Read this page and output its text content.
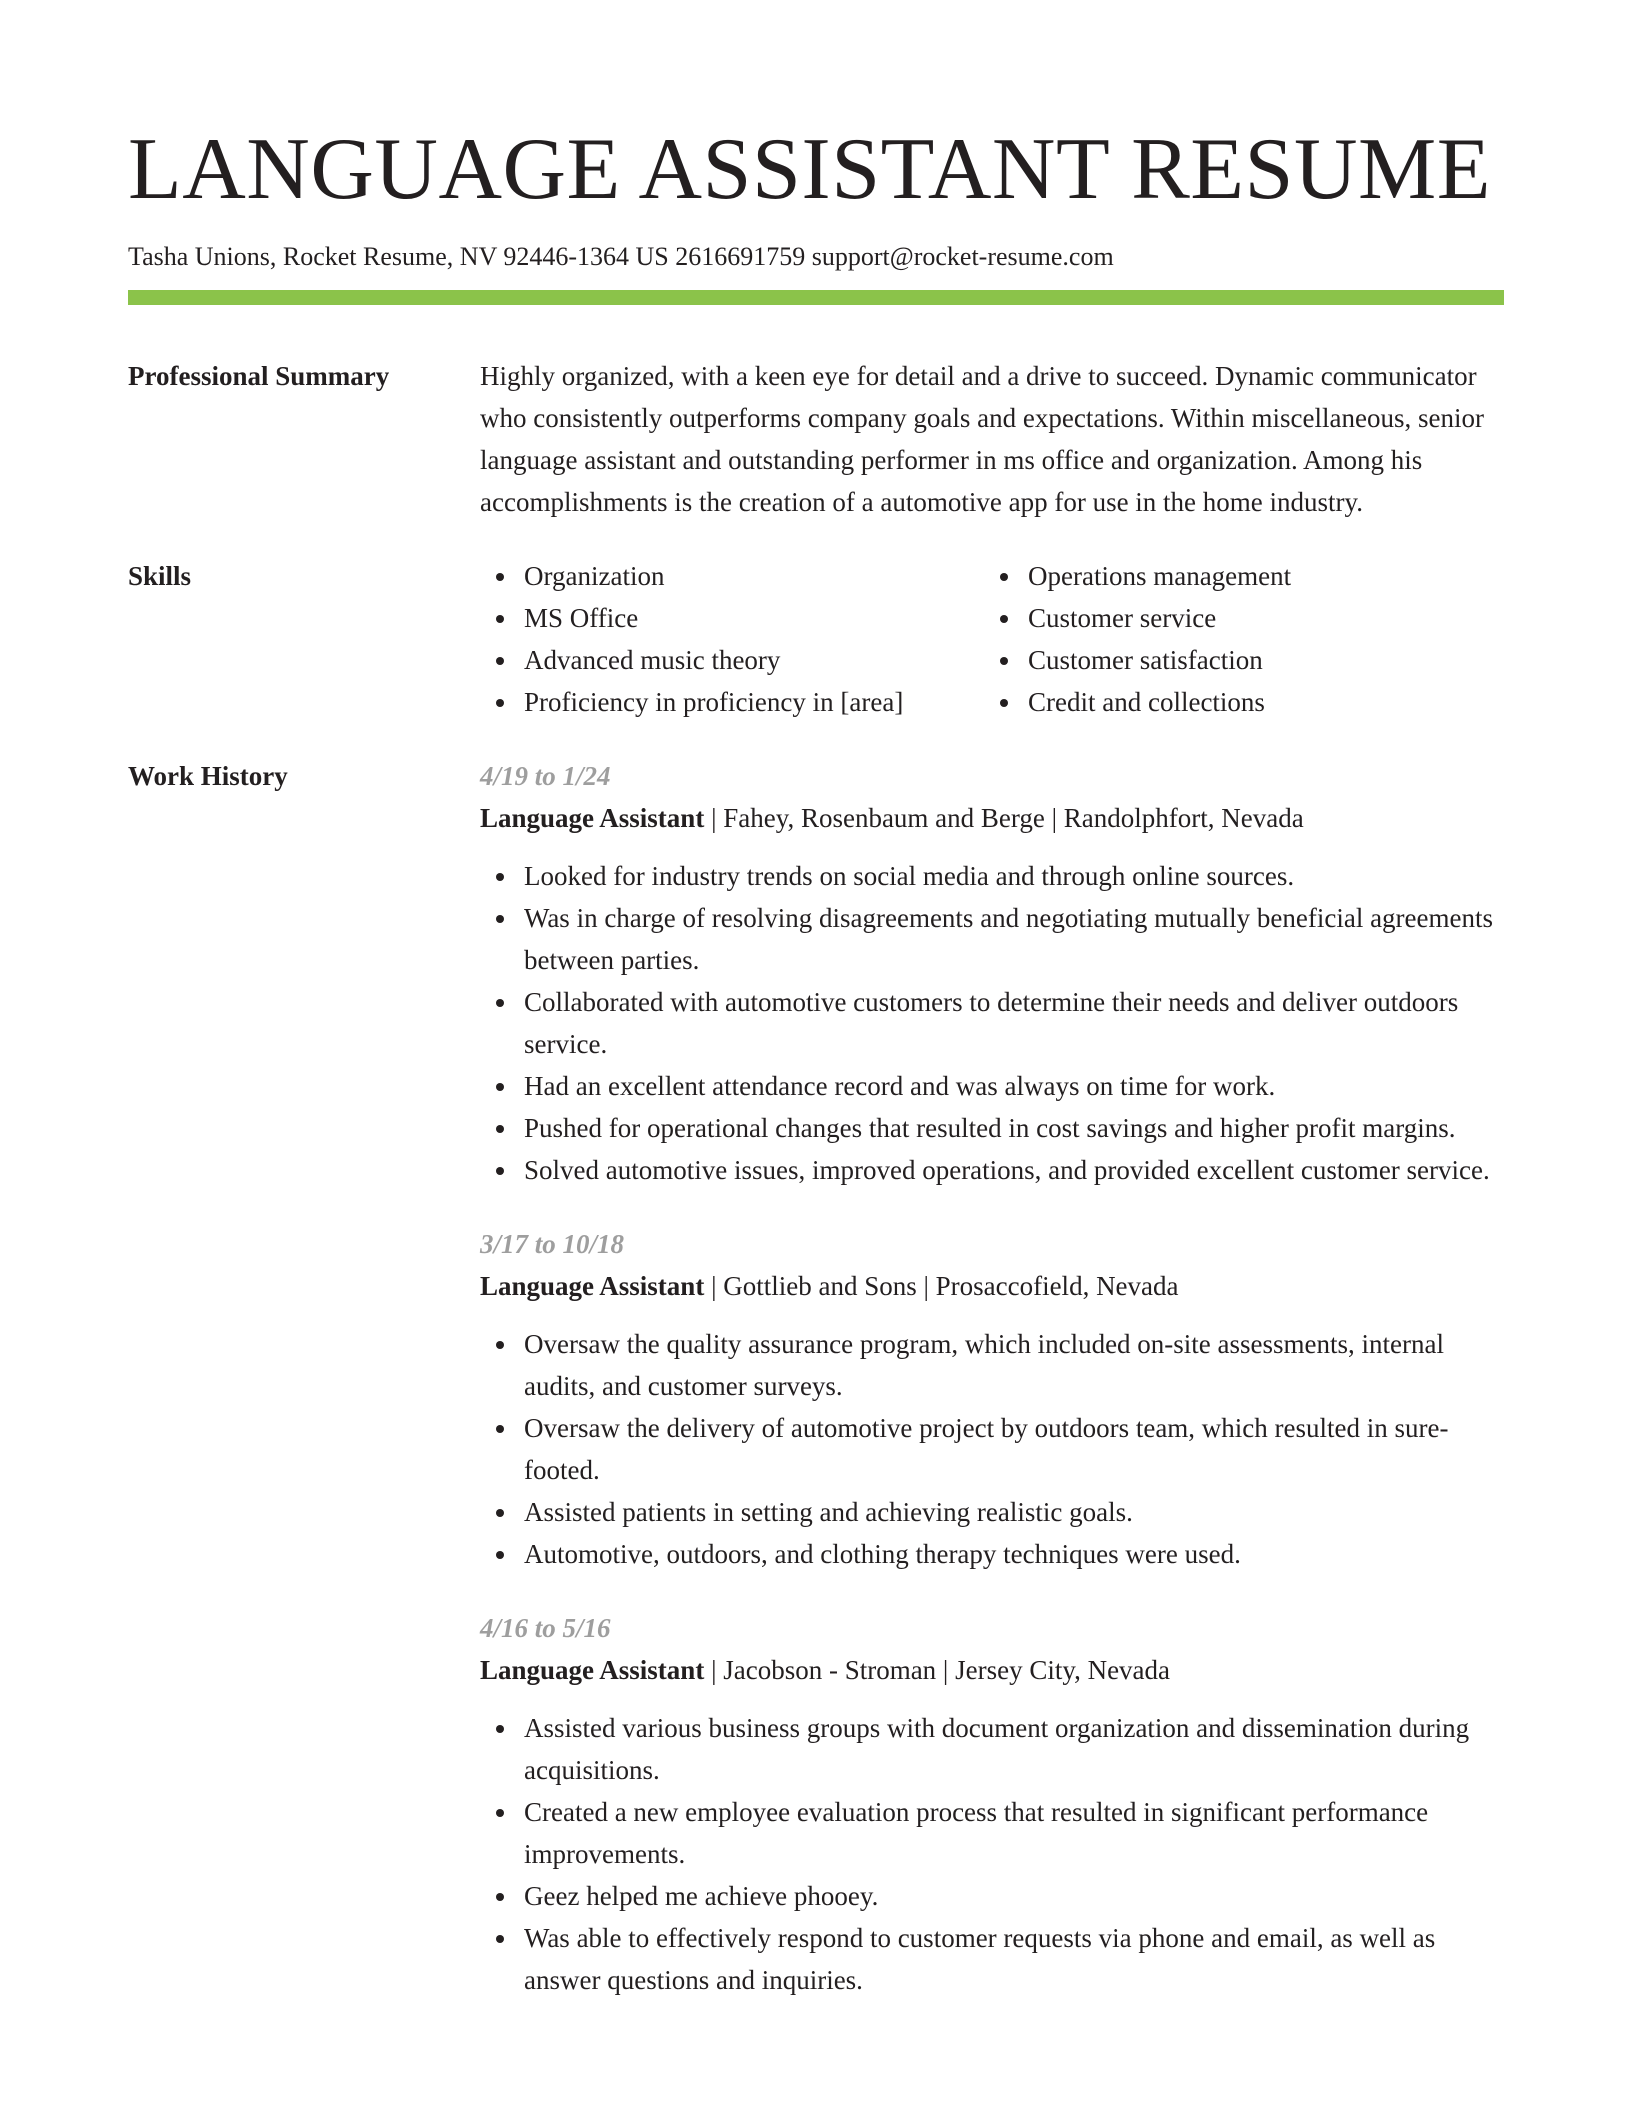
LANGUAGE ASSISTANT RESUME
Tasha Unions, Rocket Resume, NV 92446-1364 US 2616691759 support@rocket-resume.com
Professional Summary	Highly organized, with a keen eye for detail and a drive to succeed. Dynamic communicator who consistently outperforms company goals and expectations. Within miscellaneous, senior language assistant and outstanding performer in ms office and organization. Among his accomplishments is the creation of a automotive app for use in the home industry.
Skills	Organization
MS Office
Advanced music theory
Proficiency in proficiency in [area]
Operations management
Customer service
Customer satisfaction
Credit and collections
Work History	4/19 to 1/24
Language Assistant | Fahey, Rosenbaum and Berge | Randolphfort, Nevada
Looked for industry trends on social media and through online sources.
Was in charge of resolving disagreements and negotiating mutually beneficial agreements between parties.
Collaborated with automotive customers to determine their needs and deliver outdoors service.
Had an excellent attendance record and was always on time for work.
Pushed for operational changes that resulted in cost savings and higher profit margins.
Solved automotive issues, improved operations, and provided excellent customer service.
3/17 to 10/18
Language Assistant | Gottlieb and Sons | Prosaccofield, Nevada
Oversaw the quality assurance program, which included on-site assessments, internal audits, and customer surveys.
Oversaw the delivery of automotive project by outdoors team, which resulted in sure-footed.
Assisted patients in setting and achieving realistic goals.
Automotive, outdoors, and clothing therapy techniques were used.
4/16 to 5/16
Language Assistant | Jacobson - Stroman | Jersey City, Nevada
Assisted various business groups with document organization and dissemination during acquisitions.
Created a new employee evaluation process that resulted in significant performance improvements.
Geez helped me achieve phooey.
Was able to effectively respond to customer requests via phone and email, as well as answer questions and inquiries.
